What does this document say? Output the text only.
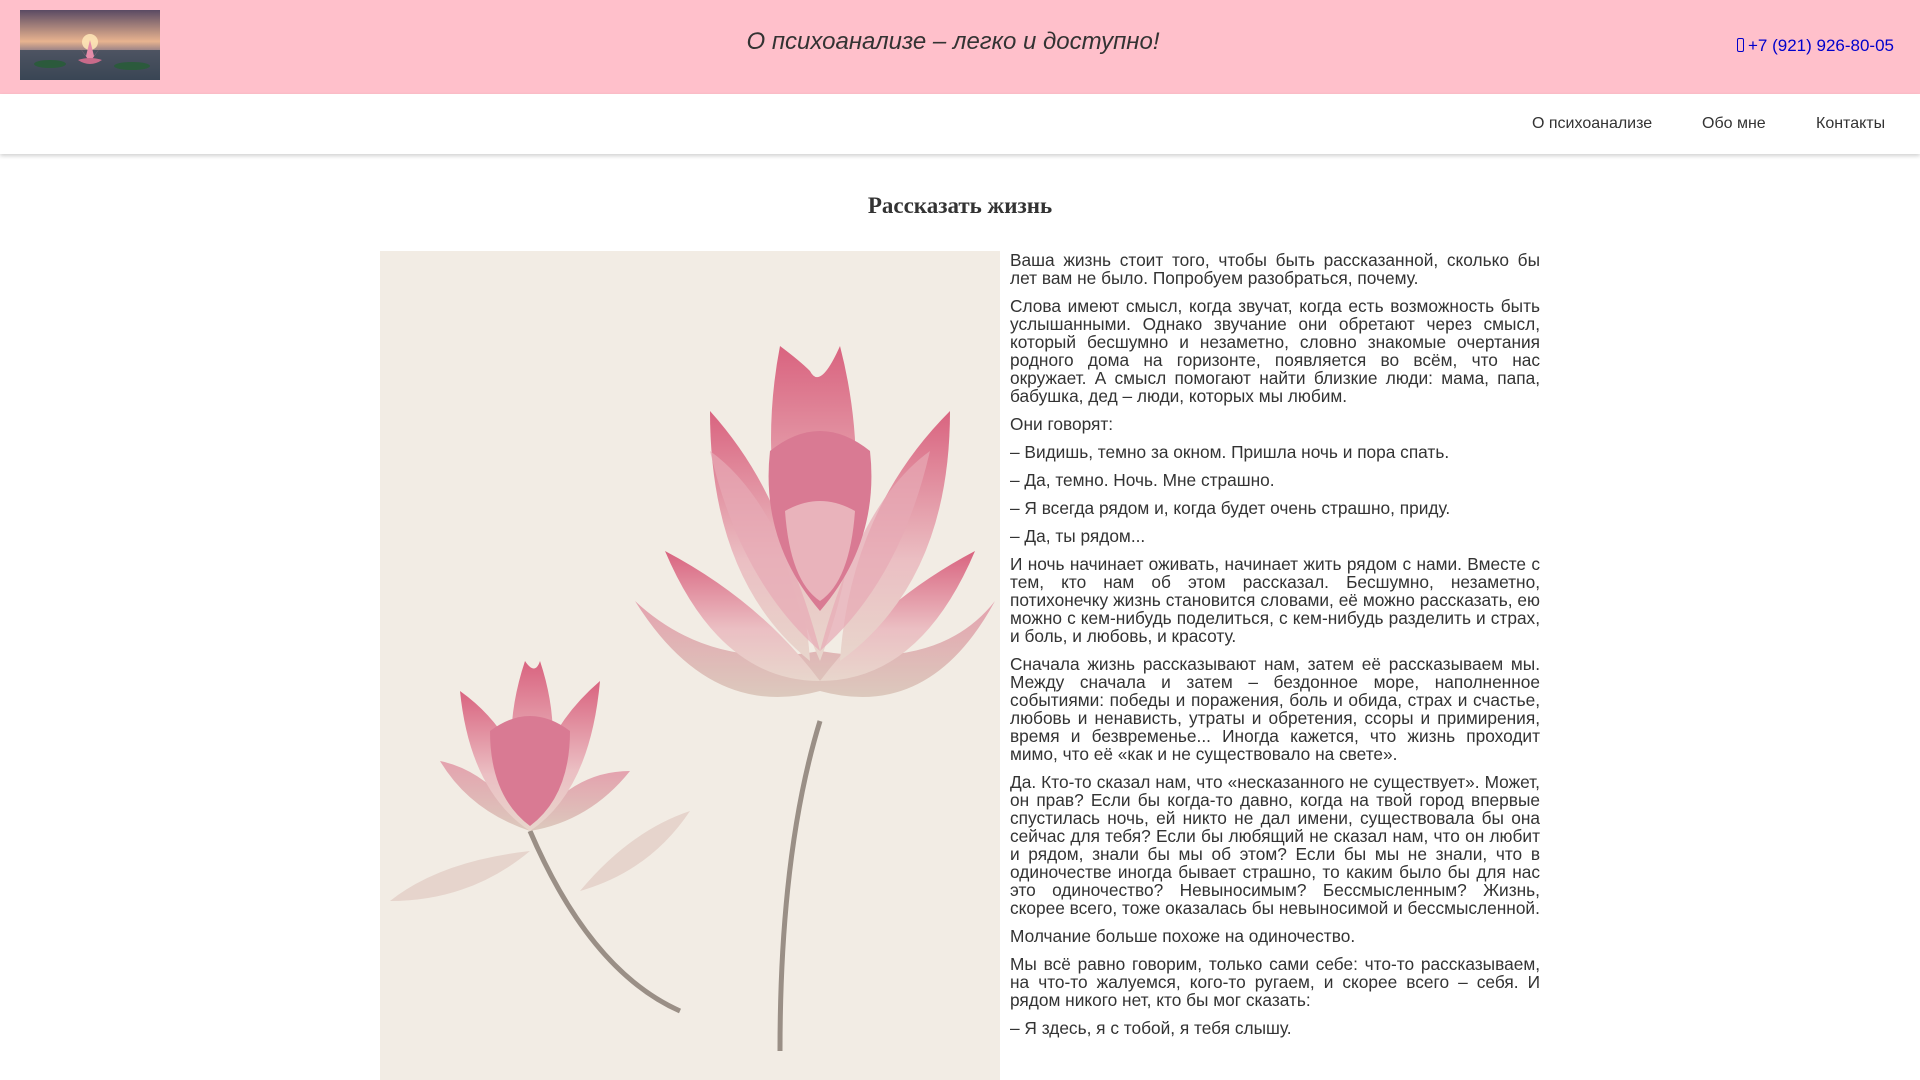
О психоанализе – легко и доступно!	+7 (921) 926-80-05
О психоанализе	Обо мне	Контакты
Рассказать жизнь

Ваша жизнь стоит того, чтобы быть рассказанной, сколько бы лет вам не было. Попробуем разобраться, почему.

Слова имеют смысл, когда звучат, когда есть возможность быть услышанными. Однако звучание они обретают через смысл, который бесшумно и незаметно, словно знакомые очертания родного дома на горизонте, появляется во всём, что нас окружает. А смысл помогают найти близкие люди: мама, папа, бабушка, дед – люди, которых мы любим.

Они говорят:

– Видишь, темно за окном. Пришла ночь и пора спать.

– Да, темно. Ночь. Мне страшно.

– Я всегда рядом и, когда будет очень страшно, приду.

– Да, ты рядом...

И ночь начинает оживать, начинает жить рядом с нами. Вместе с тем, кто нам об этом рассказал. Бесшумно, незаметно, потихонечку жизнь становится словами, её можно рассказать, ею можно с кем-нибудь поделиться, с кем-нибудь разделить и страх, и боль, и любовь, и красоту.

Сначала жизнь рассказывают нам, затем её рассказываем мы. Между сначала и затем – бездонное море, наполненное событиями: победы и поражения, боль и обида, страх и счастье, любовь и ненависть, утраты и обретения, ссоры и примирения, время и безвременье... Иногда кажется, что жизнь проходит мимо, что её «как и не существовало на свете».

Да. Кто-то сказал нам, что «несказанного не существует». Может, он прав? Если бы когда-то давно, когда на твой город впервые спустилась ночь, ей никто не дал имени, существовала бы она сейчас для тебя? Если бы любящий не сказал нам, что он любит и рядом, знали бы мы об этом? Если бы мы не знали, что в одиночестве иногда бывает страшно, то каким было бы для нас это одиночество? Невыносимым? Бессмысленным? Жизнь, скорее всего, тоже оказалась бы невыносимой и бессмысленной.

Молчание больше похоже на одиночество.

Мы всё равно говорим, только сами себе: что-то рассказываем, на что-то жалуемся, кого-то ругаем, и скорее всего – себя. И рядом никого нет, кто бы мог сказать:

– Я здесь, я с тобой, я тебя слышу.
